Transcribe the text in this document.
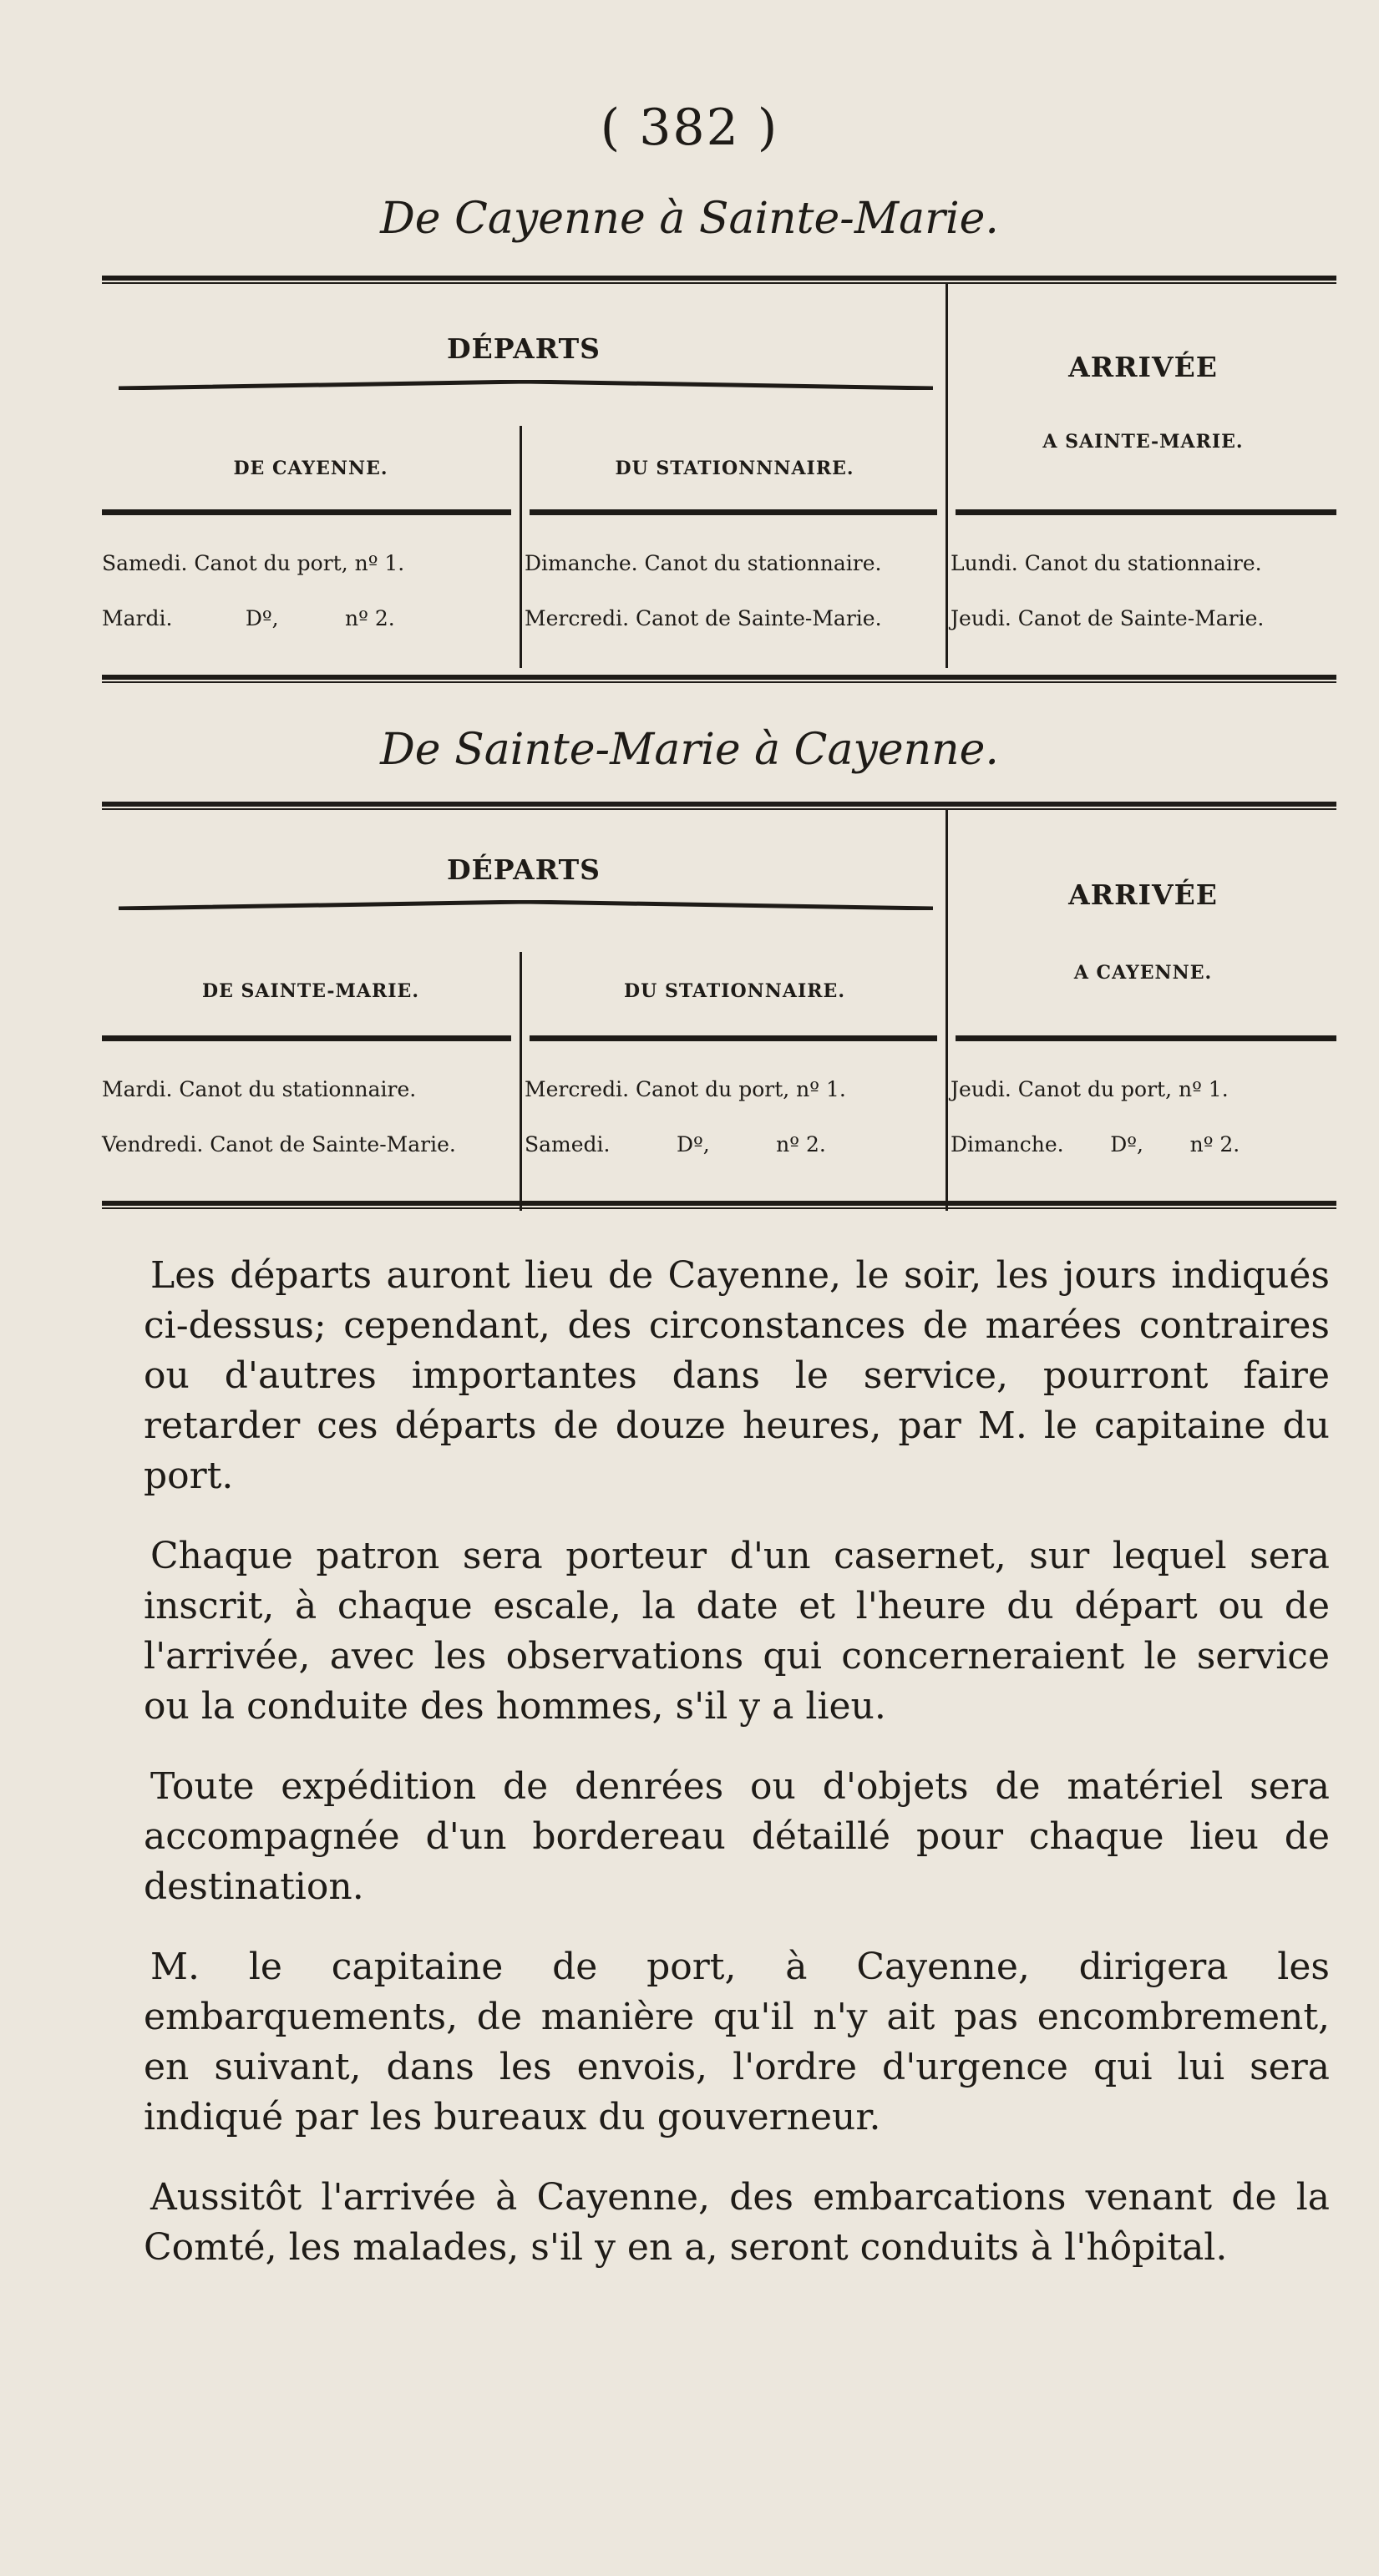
( 382 )
De Cayenne à Sainte-Marie.
DÉPARTS
ARRIVÉE
DE CAYENNE.	DU STATIONNNAIRE.
A SAINTE-MARIE.
Samedi. Canot du port, nº 1.	Dimanche. Canot du stationnaire.	Lundi. Canot du stationnaire.
Mardi.           Dº,          nº 2.	Mercredi. Canot de Sainte-Marie.	Jeudi. Canot de Sainte-Marie.
De Sainte-Marie à Cayenne.
DÉPARTS
ARRIVÉE
DE SAINTE-MARIE.	DU STATIONNAIRE.
A CAYENNE.
Mardi. Canot du stationnaire.	Mercredi. Canot du port, nº 1.	Jeudi. Canot du port, nº 1.
Vendredi. Canot de Sainte-Marie.	Samedi.          Dº,          nº 2.	Dimanche.       Dº,       nº 2.

Les départs auront lieu de Cayenne, le soir, les jours indiqués ci-dessus; cependant, des circonstances de marées contraires ou d'autres importantes dans le service, pourront faire retarder ces départs de douze heures, par M. le capitaine du port.

Chaque patron sera porteur d'un casernet, sur lequel sera inscrit, à chaque escale, la date et l'heure du départ ou de l'arrivée, avec les observations qui concerneraient le service ou la conduite des hommes, s'il y a lieu.

Toute expédition de denrées ou d'objets de matériel sera accompagnée d'un bordereau détaillé pour chaque lieu de destination.

M. le capitaine de port, à Cayenne, dirigera les embarquements, de manière qu'il n'y ait pas encombrement, en suivant, dans les envois, l'ordre d'urgence qui lui sera indiqué par les bureaux du gouverneur.

Aussitôt l'arrivée à Cayenne, des embarcations venant de la Comté, les malades, s'il y en a, seront conduits à l'hôpital.
